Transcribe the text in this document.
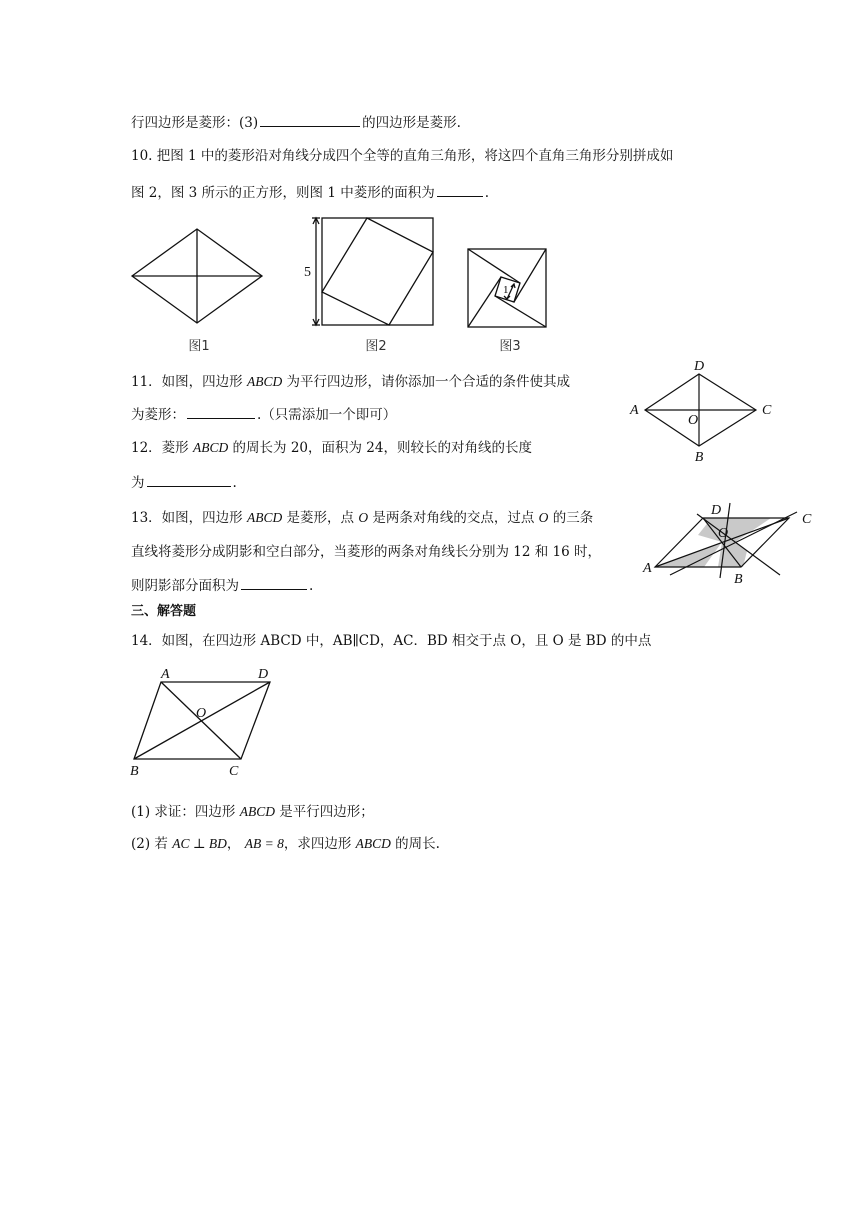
行四边形是菱形：(3)	的四边形是菱形.
10. 把图 1 中的菱形沿对角线分成四个全等的直角三角形，将这四个直角三角形分别拼成如
图 2，图 3 所示的正方形，则图 1 中菱形的面积为	.
5
1
图1	图2	图3
11．如图，四边形 ABCD 为平行四边形，请你添加一个合适的条件使其成
为菱形：	.（只需添加一个即可）
D
A	C
B
O
12．菱形 ABCD 的周长为 20，面积为 24，则较长的对角线的长度
为	.
13．如图，四边形 ABCD 是菱形，点 O 是两条对角线的交点，过点 O 的三条
直线将菱形分成阴影和空白部分，当菱形的两条对角线长分别为 12 和 16 时，
则阴影部分面积为	.
D
A
C
B
O
三、解答题
14．如图，在四边形 ABCD 中，AB∥CD，AC．BD 相交于点 O，且 O 是 BD 的中点
A	D
B	C
O
(1) 求证：四边形 ABCD 是平行四边形；
(2) 若 AC ⊥ BD， AB = 8，求四边形 ABCD 的周长.
